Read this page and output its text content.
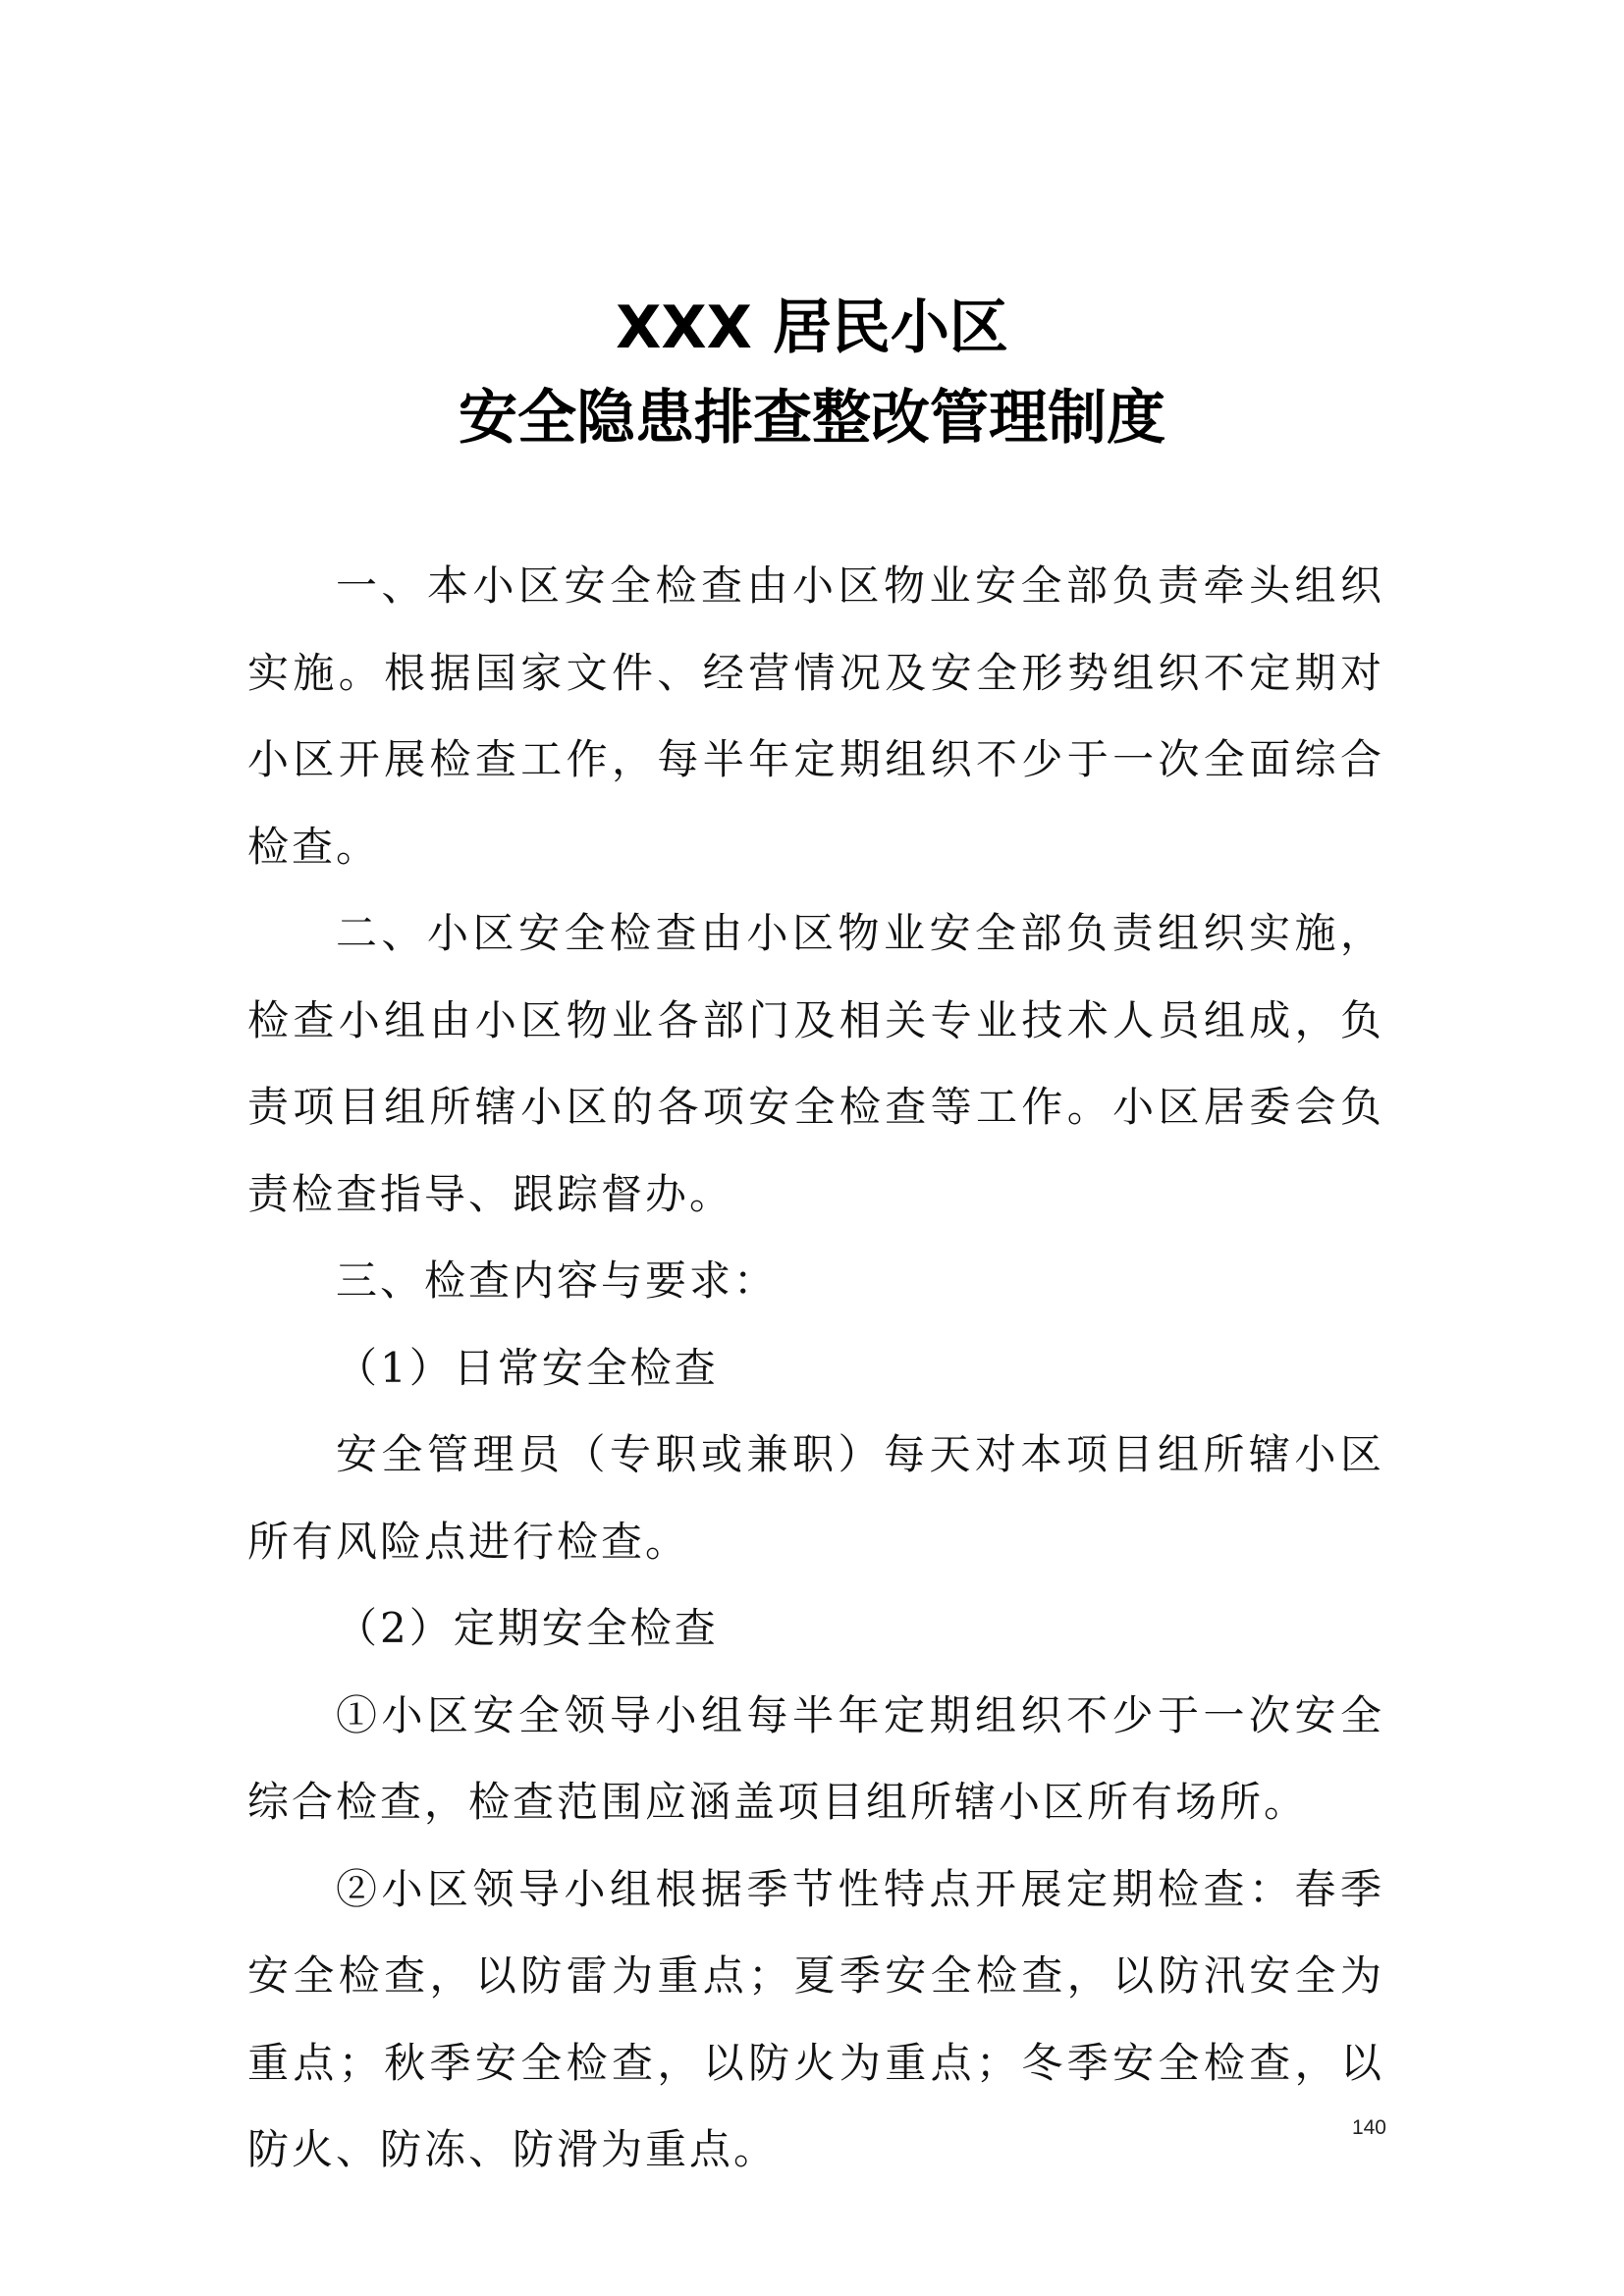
XXX 居民小区
安全隐患排查整改管理制度

一、本小区安全检查由小区物业安全部负责牵头组织实施。根据国家文件、经营情况及安全形势组织不定期对小区开展检查工作，每半年定期组织不少于一次全面综合检查。

二、小区安全检查由小区物业安全部负责组织实施，检查小组由小区物业各部门及相关专业技术人员组成，负责项目组所辖小区的各项安全检查等工作。小区居委会负责检查指导、跟踪督办。

三、检查内容与要求：

（1）日常安全检查

安全管理员（专职或兼职）每天对本项目组所辖小区所有风险点进行检查。

（2）定期安全检查

①小区安全领导小组每半年定期组织不少于一次安全综合检查，检查范围应涵盖项目组所辖小区所有场所。

②小区领导小组根据季节性特点开展定期检查：春季安全检查，以防雷为重点；夏季安全检查，以防汛安全为重点；秋季安全检查，以防火为重点；冬季安全检查，以防火、防冻、防滑为重点。	140
